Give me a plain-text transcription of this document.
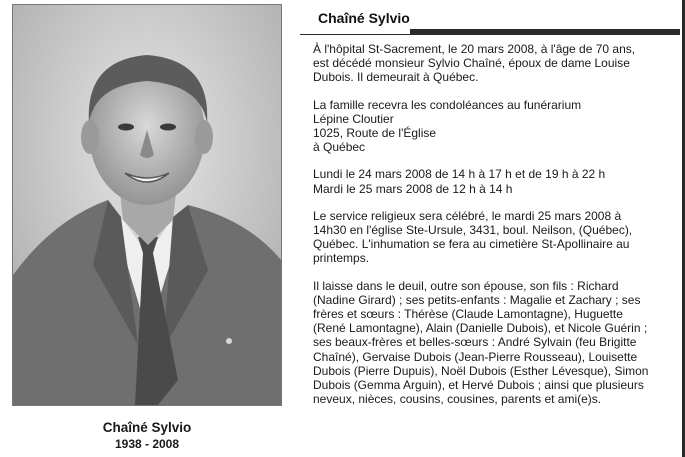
Chaîné Sylvio
1938 - 2008
Chaîné Sylvio

À l'hôpital St-Sacrement, le 20 mars 2008, à l'âge de 70 ans,
est décédé monsieur Sylvio Chaîné, époux de dame Louise
Dubois. Il demeurait à Québec.

La famille recevra les condoléances au funérarium
Lépine Cloutier
1025, Route de l'Église
à Québec

Lundi le 24 mars 2008 de 14 h à 17 h et de 19 h à 22 h
Mardi le 25 mars 2008 de 12 h à 14 h

Le service religieux sera célébré, le mardi 25 mars 2008 à
14h30 en l'église Ste-Ursule, 3431, boul. Neilson, (Québec),
Québec. L'inhumation se fera au cimetière St-Apollinaire au
printemps.

Il laisse dans le deuil, outre son épouse, son fils : Richard
(Nadine Girard) ; ses petits-enfants : Magalie et Zachary ; ses
frères et sœurs : Thérèse (Claude Lamontagne), Huguette
(René Lamontagne), Alain (Danielle Dubois), et Nicole Guérin ;
ses beaux-frères et belles-sœurs : André Sylvain (feu Brigitte
Chaîné), Gervaise Dubois (Jean-Pierre Rousseau), Louisette
Dubois (Pierre Dupuis), Noël Dubois (Esther Lévesque), Simon
Dubois (Gemma Arguin), et Hervé Dubois ; ainsi que plusieurs
neveux, nièces, cousins, cousines, parents et ami(e)s.
